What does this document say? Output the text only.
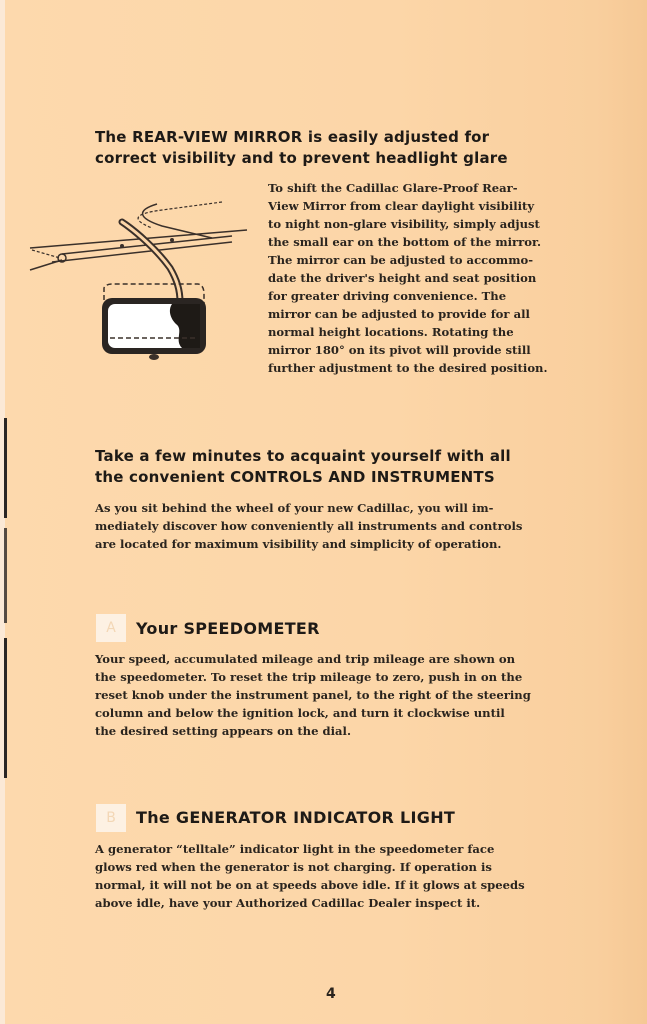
The REAR-VIEW MIRROR is easily adjusted for
correct visibility and to prevent headlight glare
To shift the Cadillac Glare-Proof Rear-
View Mirror from clear daylight visibility
to night non-glare visibility, simply adjust
the small ear on the bottom of the mirror.
The mirror can be adjusted to accommo-
date the driver's height and seat position
for greater driving convenience. The
mirror can be adjusted to provide for all
normal height locations. Rotating the
mirror 180° on its pivot will provide still
further adjustment to the desired position.
Take a few minutes to acquaint yourself with all
the convenient CONTROLS AND INSTRUMENTS
As you sit behind the wheel of your new Cadillac, you will im-
mediately discover how conveniently all instruments and controls
are located for maximum visibility and simplicity of operation.
A	Your SPEEDOMETER
Your speed, accumulated mileage and trip mileage are shown on
the speedometer. To reset the trip mileage to zero, push in on the
reset knob under the instrument panel, to the right of the steering
column and below the ignition lock, and turn it clockwise until
the desired setting appears on the dial.
B	The GENERATOR INDICATOR LIGHT
A generator “telltale” indicator light in the speedometer face
glows red when the generator is not charging. If operation is
normal, it will not be on at speeds above idle. If it glows at speeds
above idle, have your Authorized Cadillac Dealer inspect it.
4
